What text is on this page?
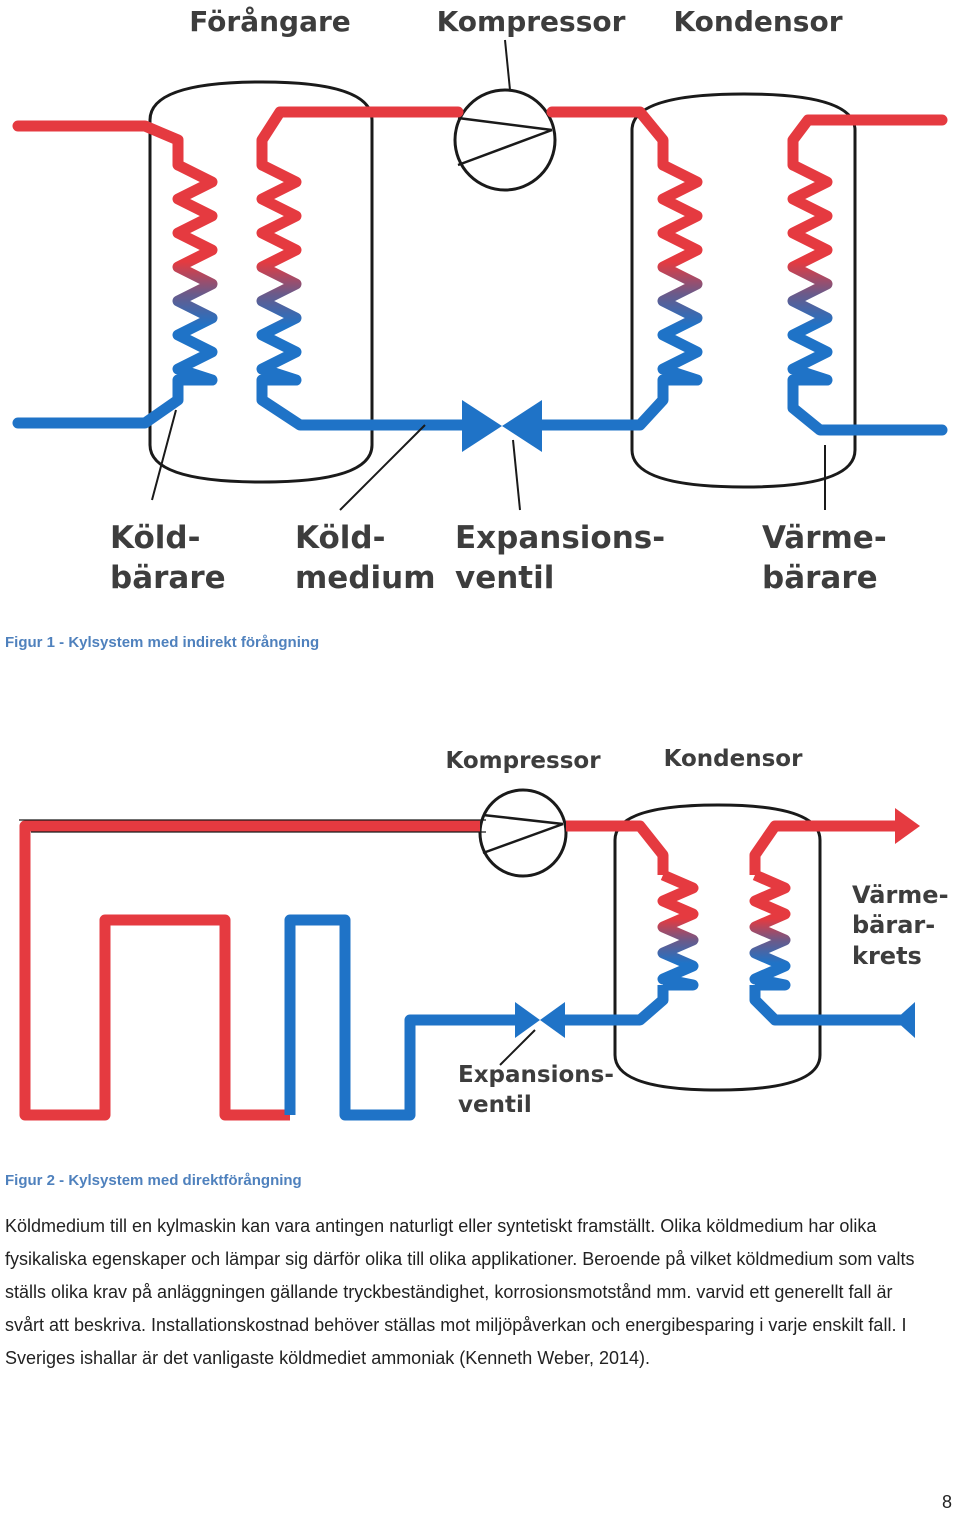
Förångare	Kompressor Kondensor
Köld-
bärare
Köld-
medium
Expansions-
ventil
Värme-
bärare

Figur 1 - Kylsystem med indirekt förångning

Kompressor	Kondensor
Värme-
bärar-
krets
Expansions-
ventil

Figur 2 - Kylsystem med direktförångning

Köldmedium till en kylmaskin kan vara antingen naturligt eller syntetiskt framställt. Olika köldmedium har olika fysikaliska egenskaper och lämpar sig därför olika till olika applikationer. Beroende på vilket köldmedium som valts ställs olika krav på anläggningen gällande tryckbeständighet, korrosionsmotstånd mm. varvid ett generellt fall är svårt att beskriva. Installationskostnad behöver ställas mot miljöpåverkan och energibesparing i varje enskilt fall. I Sveriges ishallar är det vanligaste köldmediet ammoniak (Kenneth Weber, 2014).

8
